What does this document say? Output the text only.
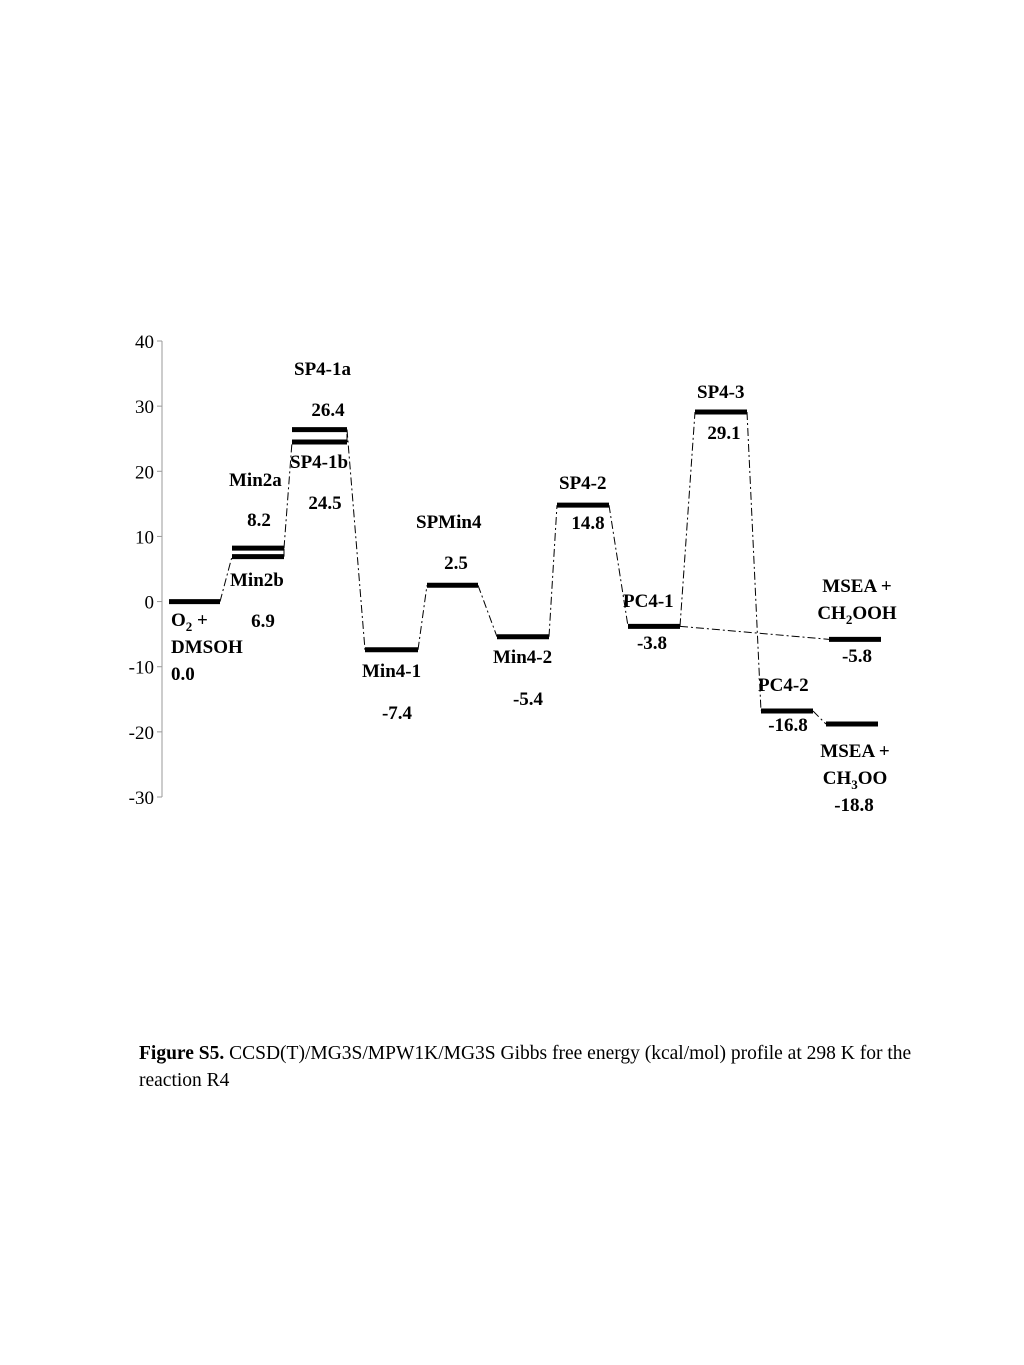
40
30
20
10
0
-10
-20
-30
$O_2$ +
DMSOH
0.0
Min2a
8.2
Min2b
6.9
SP4-1a
26.4
SP4-1b
24.5
Min4-1
-7.4
SPMin4
2.5
Min4-2
-5.4
SP4-2
14.8
PC4-1
-3.8
SP4-3
29.1
MSEA +
$CH_2OOH$
-5.8
PC4-2
-16.8
MSEA +
$CH_3OO$
-18.8
Figure S5. CCSD(T)/MG3S/MPW1K/MG3S Gibbs free energy (kcal/mol) profile at 298 K for the reaction R4
